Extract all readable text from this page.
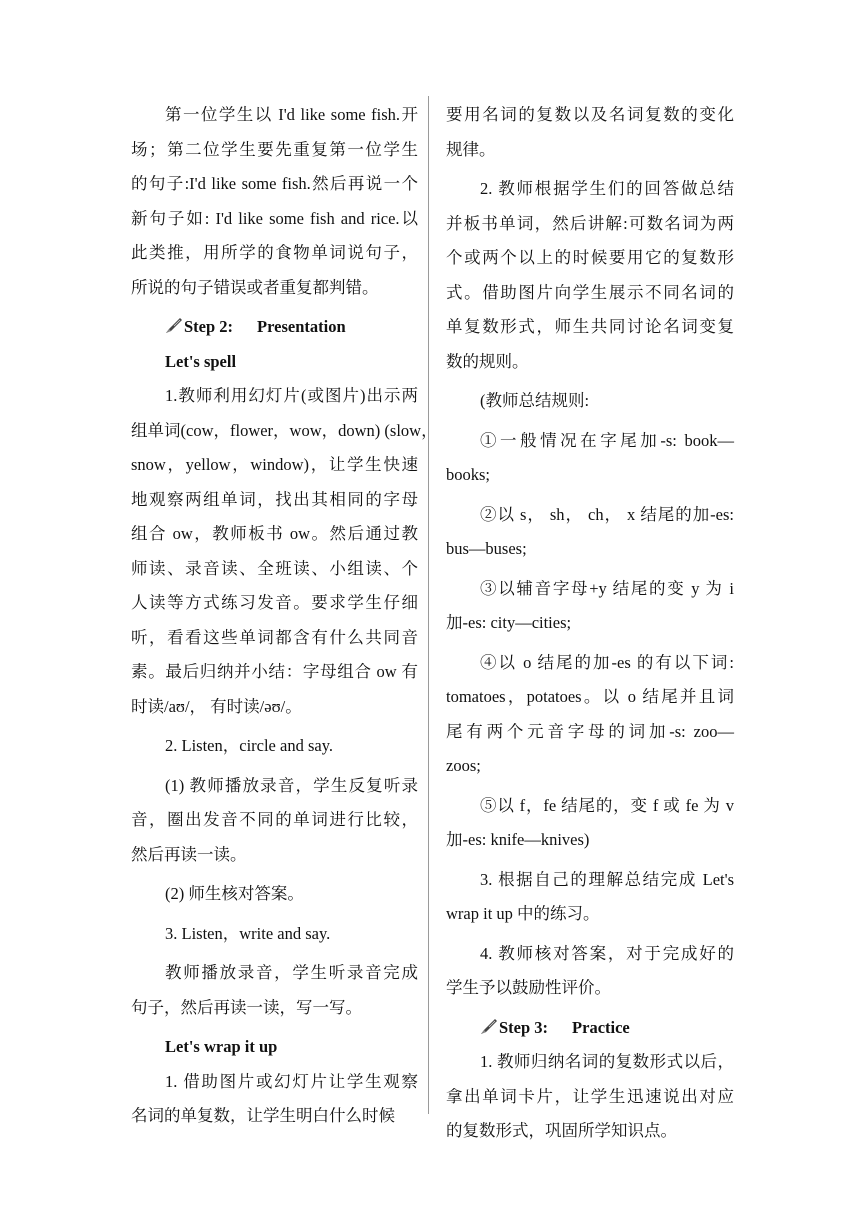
第一位学生以 I'd like some fish.开
场；第二位学生要先重复第一位学生
的句子:I'd like some fish.然后再说一个
新句子如: I'd like some fish and rice.以
此类推，用所学的食物单词说句子，
所说的句子错误或者重复都判错。
Step 2: Presentation
Let's spell
1.教师利用幻灯片(或图片)出示两
组单词(cow，flower，wow，down) (slow，
snow，yellow，window)，让学生快速
地观察两组单词，找出其相同的字母
组合 ow，教师板书 ow。然后通过教
师读、录音读、全班读、小组读、个
人读等方式练习发音。要求学生仔细
听，看看这些单词都含有什么共同音
素。最后归纳并小结：字母组合 ow 有
时读/aʊ/， 有时读/əʊ/。
2. Listen，circle and say.
(1) 教师播放录音，学生反复听录
音，圈出发音不同的单词进行比较，
然后再读一读。
(2) 师生核对答案。
3. Listen，write and say.
教师播放录音，学生听录音完成
句子，然后再读一读，写一写。
Let's wrap it up
1. 借助图片或幻灯片让学生观察
名词的单复数，让学生明白什么时候
要用名词的复数以及名词复数的变化
规律。
2. 教师根据学生们的回答做总结
并板书单词，然后讲解:可数名词为两
个或两个以上的时候要用它的复数形
式。借助图片向学生展示不同名词的
单复数形式，师生共同讨论名词变复
数的规则。
(教师总结规则:
①一般情况在字尾加-s: book—
books;
②以 s， sh， ch， x 结尾的加-es:
bus—buses;
③以辅音字母+y 结尾的变 y 为 i
加-es: city—cities;
④以 o 结尾的加-es 的有以下词:
tomatoes，potatoes。以 o 结尾并且词
尾有两个元音字母的词加-s: zoo—
zoos;
⑤以 f，fe 结尾的，变 f 或 fe 为 v
加-es: knife—knives)
3. 根据自己的理解总结完成 Let's
wrap it up 中的练习。
4. 教师核对答案，对于完成好的
学生予以鼓励性评价。
Step 3: Practice
1. 教师归纳名词的复数形式以后，
拿出单词卡片，让学生迅速说出对应
的复数形式，巩固所学知识点。
